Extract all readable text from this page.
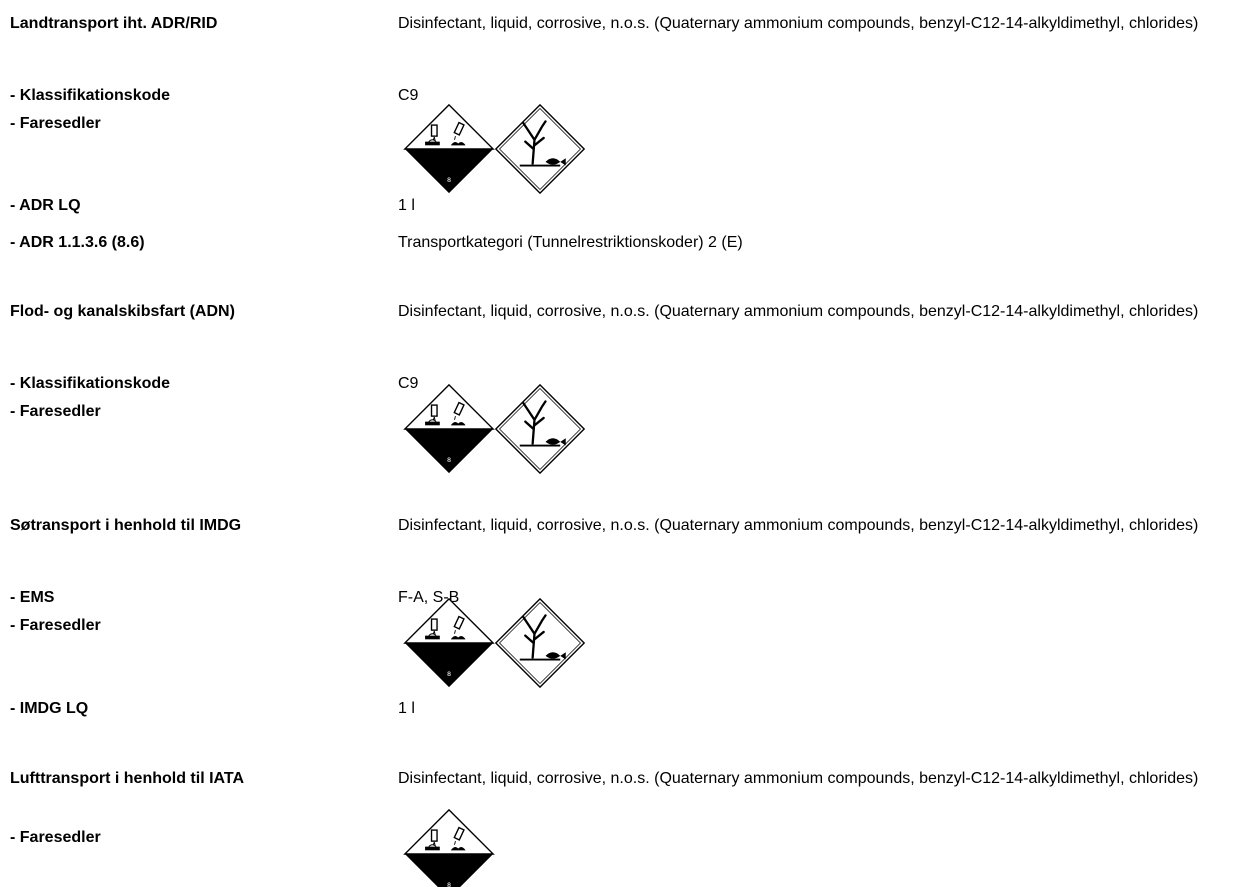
Landtransport iht. ADR/RID	Disinfectant, liquid, corrosive, n.o.s. (Quaternary ammonium compounds, benzyl-C12-14-alkyldimethyl, chlorides)
- Klassifikationskode	C9
- Faresedler
- ADR LQ	1 l
- ADR 1.1.3.6 (8.6)	Transportkategori (Tunnelrestriktionskoder) 2 (E)
Flod- og kanalskibsfart (ADN)	Disinfectant, liquid, corrosive, n.o.s. (Quaternary ammonium compounds, benzyl-C12-14-alkyldimethyl, chlorides)
- Klassifikationskode	C9
- Faresedler
Søtransport i henhold til IMDG	Disinfectant, liquid, corrosive, n.o.s. (Quaternary ammonium compounds, benzyl-C12-14-alkyldimethyl, chlorides)
- EMS	F-A, S-B
- Faresedler
- IMDG LQ	1 l
Lufttransport i henhold til IATA	Disinfectant, liquid, corrosive, n.o.s. (Quaternary ammonium compounds, benzyl-C12-14-alkyldimethyl, chlorides)
- Faresedler
